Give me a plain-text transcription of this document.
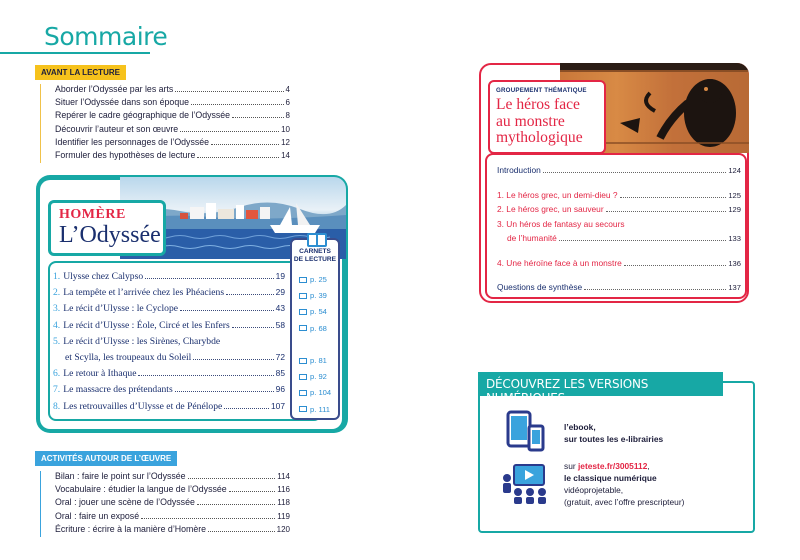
Sommaire
AVANT LA LECTURE
Aborder l’Odyssée par les arts	4
Situer l’Odyssée dans son époque	6
Repérer le cadre géographique de l’Odyssée	8
Découvrir l’auteur et son œuvre	10
Identifier les personnages de l’Odyssée	12
Formuler des hypothèses de lecture	14
HOMÈRE
L’Odyssée
1. Ulysse chez Calypso	19
2. La tempête et l’arrivée chez les Phéaciens	29
3. Le récit d’Ulysse : le Cyclope	43
4. Le récit d’Ulysse : Éole, Circé et les Enfers	58
5. Le récit d’Ulysse : les Sirènes, Charybde
et Scylla, les troupeaux du Soleil	72
6. Le retour à Ithaque	85
7. Le massacre des prétendants	96
8. Les retrouvailles d’Ulysse et de Pénélope	107
CARNETS
DE LECTURE
p. 25
p. 39
p. 54
p. 68
p. 81
p. 92
p. 104
p. 111
ACTIVITÉS AUTOUR DE L’ŒUVRE
Bilan : faire le point sur l’Odyssée	114
Vocabulaire : étudier la langue de l’Odyssée	116
Oral : jouer une scène de l’Odyssée	118
Oral : faire un exposé	119
Écriture : écrire à la manière d’Homère	120
GROUPEMENT THÉMATIQUE
Le héros face
au monstre
mythologique
Introduction	124
1. Le héros grec, un demi-dieu ?	125
2. Le héros grec, un sauveur	129
3. Un héros de fantasy au secours
de l’humanité	133
4. Une héroïne face à un monstre	136
Questions de synthèse	137
DÉCOUVREZ LES VERSIONS NUMÉRIQUES
l’ebook,
sur toutes les e-librairies
sur jeteste.fr/3005112,
le classique numérique
vidéoprojetable,
(gratuit, avec l’offre prescripteur)
